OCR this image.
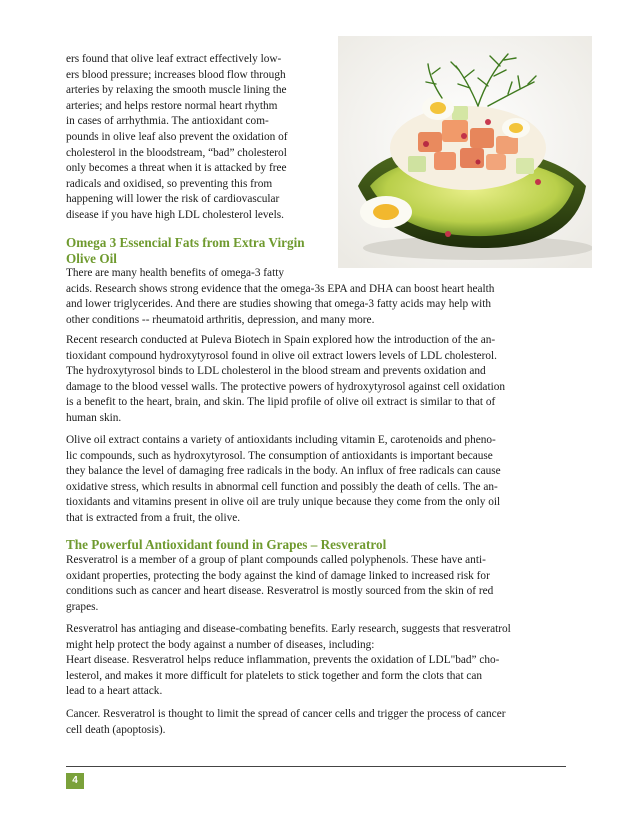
ers found that olive leaf extract effectively low-
ers blood pressure; increases blood flow through
arteries by relaxing the smooth muscle lining the
arteries; and helps restore normal heart rhythm
in cases of arrhythmia. The antioxidant com-
pounds in olive leaf also prevent the oxidation of
cholesterol in the bloodstream, “bad” cholesterol
only becomes a threat when it is attacked by free
radicals and oxidised, so preventing this from
happening will lower the risk of cardiovascular
disease if you have high LDL cholesterol levels.

Omega 3 Essencial Fats from Extra Virgin
Olive Oil

There are many health benefits of omega-3 fatty
acids. Research shows strong evidence that the omega-3s EPA and DHA can boost heart health
and lower triglycerides. And there are studies showing that omega-3 fatty acids may help with
other conditions -- rheumatoid arthritis, depression, and many more.

Recent research conducted at Puleva Biotech in Spain explored how the introduction of the an-
tioxidant compound hydroxytyrosol found in olive oil extract lowers levels of LDL cholesterol.
The hydroxytyrosol binds to LDL cholesterol in the blood stream and prevents oxidation and
damage to the blood vessel walls. The protective powers of hydroxytyrosol against cell oxidation
is a benefit to the heart, brain, and skin. The lipid profile of olive oil extract is similar to that of
human skin.

Olive oil extract contains a variety of antioxidants including vitamin E, carotenoids and pheno-
lic compounds, such as hydroxytyrosol. The consumption of antioxidants is important because
they balance the level of damaging free radicals in the body. An influx of free radicals can cause
oxidative stress, which results in abnormal cell function and possibly the death of cells. The an-
tioxidants and vitamins present in olive oil are truly unique because they come from the only oil
that is extracted from a fruit, the olive.

The Powerful Antioxidant found in Grapes – Resveratrol

Resveratrol is a member of a group of plant compounds called polyphenols. These have anti-
oxidant properties, protecting the body against the kind of damage linked to increased risk for
conditions such as cancer and heart disease. Resveratrol is mostly sourced from the skin of red
grapes.

Resveratrol has antiaging and disease-combating benefits. Early research, suggests that resveratrol
might help protect the body against a number of diseases, including:
Heart disease. Resveratrol helps reduce inflammation, prevents the oxidation of LDL"bad” cho-
lesterol, and makes it more difficult for platelets to stick together and form the clots that can
lead to a heart attack.

Cancer. Resveratrol is thought to limit the spread of cancer cells and trigger the process of cancer
cell death (apoptosis).

4
